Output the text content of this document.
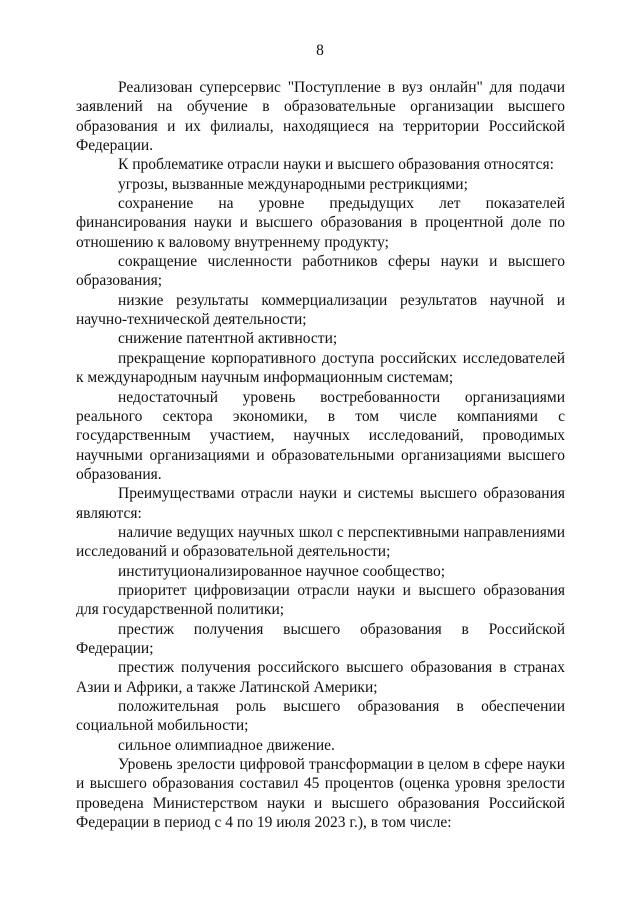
8

Реализован суперсервис "Поступление в вуз онлайн" для подачи заявлений на обучение в образовательные организации высшего образования и их филиалы, находящиеся на территории Российской Федерации.

К проблематике отрасли науки и высшего образования относятся:

угрозы, вызванные международными рестрикциями;

сохранение на уровне предыдущих лет показателей финансирования науки и высшего образования в процентной доле по отношению к валовому внутреннему продукту;

сокращение численности работников сферы науки и высшего образования;

низкие результаты коммерциализации результатов научной и научно-технической деятельности;

снижение патентной активности;

прекращение корпоративного доступа российских исследователей к международным научным информационным системам;

недостаточный уровень востребованности организациями реального сектора экономики, в том числе компаниями с государственным участием, научных исследований, проводимых научными организациями и образовательными организациями высшего образования.

Преимуществами отрасли науки и системы высшего образования являются:

наличие ведущих научных школ с перспективными направлениями исследований и образовательной деятельности;

институционализированное научное сообщество;

приоритет цифровизации отрасли науки и высшего образования для государственной политики;

престиж получения высшего образования в Российской Федерации;

престиж получения российского высшего образования в странах Азии и Африки, а также Латинской Америки;

положительная роль высшего образования в обеспечении социальной мобильности;

сильное олимпиадное движение.

Уровень зрелости цифровой трансформации в целом в сфере науки и высшего образования составил 45 процентов (оценка уровня зрелости проведена Министерством науки и высшего образования Российской Федерации в период с 4 по 19 июля 2023 г.), в том числе:
